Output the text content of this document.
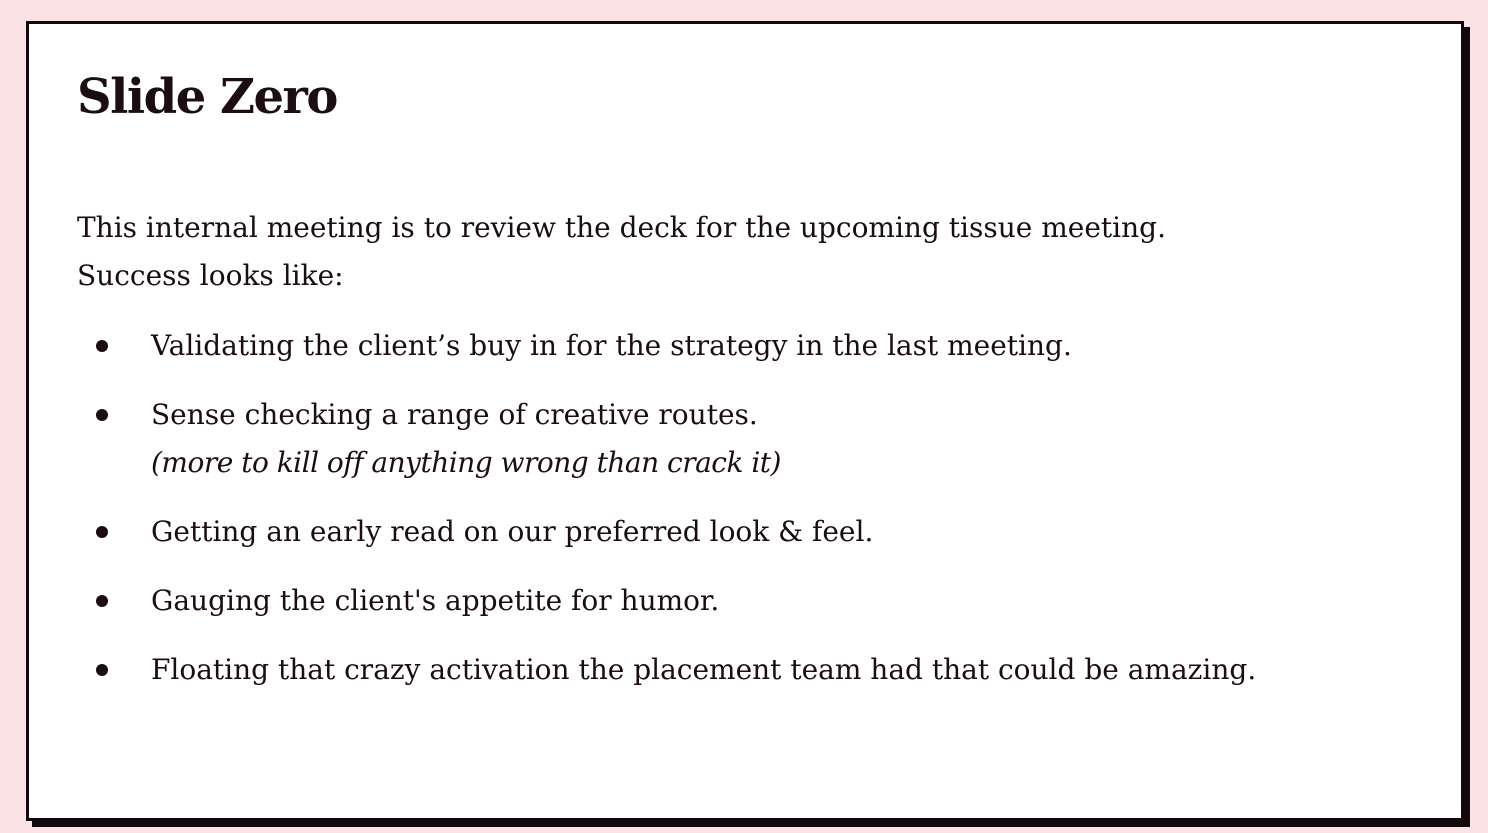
Slide Zero

This internal meeting is to review the deck for the upcoming tissue meeting.
Success looks like:

Validating the client’s buy in for the strategy in the last meeting.
Sense checking a range of creative routes.
(more to kill off anything wrong than crack it)
Getting an early read on our preferred look & feel.
Gauging the client's appetite for humor.
Floating that crazy activation the placement team had that could be amazing.
